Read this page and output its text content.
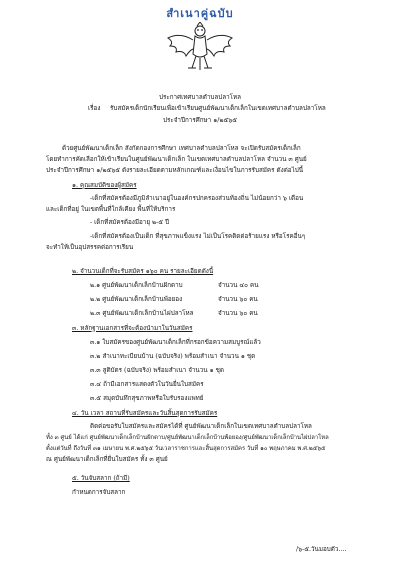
สำเนาคู่ฉบับ
ประกาศเทศบาลตำบลปลาโหล
เรื่อง รับสมัครเด็กนักเรียนเพื่อเข้าเรียนศูนย์พัฒนาเด็กเล็กในเขตเทศบาลตำบลปลาโหล
ประจำปีการศึกษา ๑/๒๕๖๕
ด้วยศูนย์พัฒนาเด็กเล็ก สังกัดกองการศึกษา เทศบาลตำบลปลาโหล จะเปิดรับสมัครเด็กเล็ก
โดยทำการคัดเลือกให้เข้าเรียนในศูนย์พัฒนาเด็กเล็ก ในเขตเทศบาลตำบลปลาโหล จำนวน ๓ ศูนย์
ประจำปีการศึกษา ๑/๒๕๖๕ ดังรายละเอียดตามหลักเกณฑ์และเงื่อนไขในการรับสมัคร ดังต่อไปนี้
๑. คุณสมบัติของผู้สมัคร
-เด็กที่สมัครต้องมีภูมิลำเนาอยู่ในองค์กรปกครองส่วนท้องถิ่น ไม่น้อยกว่า ๖ เดือน
และเด็กที่อยู่ ในเขตพื้นที่ใกล้เคียง พื้นที่ให้บริการ
- เด็กที่สมัครต้องมีอายุ ๒-๕ ปี
-เด็กที่สมัครต้องเป็นเด็ก ที่สุขภาพแข็งแรง ไม่เป็นโรคติดต่อร้ายแรง หรือโรคอื่นๆ
จะทำให้เป็นอุปสรรคต่อการเรียน
๒. จำนวนเด็กที่จะรับสมัคร ๑๖๐ คน รายละเอียดดังนี้
๒.๑ ศูนย์พัฒนาเด็กเล็กบ้านฝักดาบ	จำนวน ๔๐ คน
๒.๒ ศูนย์พัฒนาเด็กเล็กบ้านพ้อยอง	จำนวน ๖๐ คน
๒.๓ ศูนย์พัฒนาเด็กเล็กบ้านไผ่ปลาโหล	จำนวน ๖๐ คน
๓. หลักฐานเอกสารที่จะต้องนำมาในวันสมัคร
๓.๑ ใบสมัครของศูนย์พัฒนาเด็กเล็กที่กรอกข้อความสมบูรณ์แล้ว
๓.๒ สำเนาทะเบียนบ้าน (ฉบับจริง) พร้อมสำเนา จำนวน ๑ ชุด
๓.๓ สูติบัตร (ฉบับจริง) พร้อมสำเนา จำนวน ๑ ชุด
๓.๔ ถ้ามีเอกสารแสดงตัวในวันยื่นใบสมัคร
๓.๕ สมุดบันทึกสุขภาพหรือใบรับรองแพทย์
๔. วัน เวลา สถานที่รับสมัครและวันสิ้นสุดการรับสมัคร
ติดต่อขอรับใบสมัครและสมัครได้ที่ ศูนย์พัฒนาเด็กเล็กในเขตเทศบาลตำบลปลาโหล
ทั้ง ๓ ศูนย์ ได้แก่ ศูนย์พัฒนาเด็กเล็กบ้านฝักดาบ/ศูนย์พัฒนาเด็กเล็กบ้านพ้อยอง/ศูนย์พัฒนาเด็กเล็กบ้านไผ่ปลาโหล
ตั้งแต่วันที่ ถึงวันที่ ๓๑ เมษายน พ.ศ.๒๕๖๕ วันเวลาราชการและสิ้นสุดการสมัคร วันที่ ๑๐ พฤษภาคม พ.ศ.๒๕๖๕
ณ ศูนย์พัฒนาเด็กเล็กที่ยื่นใบสมัคร ทั้ง ๓ ศูนย์
๕. วันจับสลาก (ถ้ามี)
กำหนดการจับสลาก
/๖-๕.วันมอบตัว....
